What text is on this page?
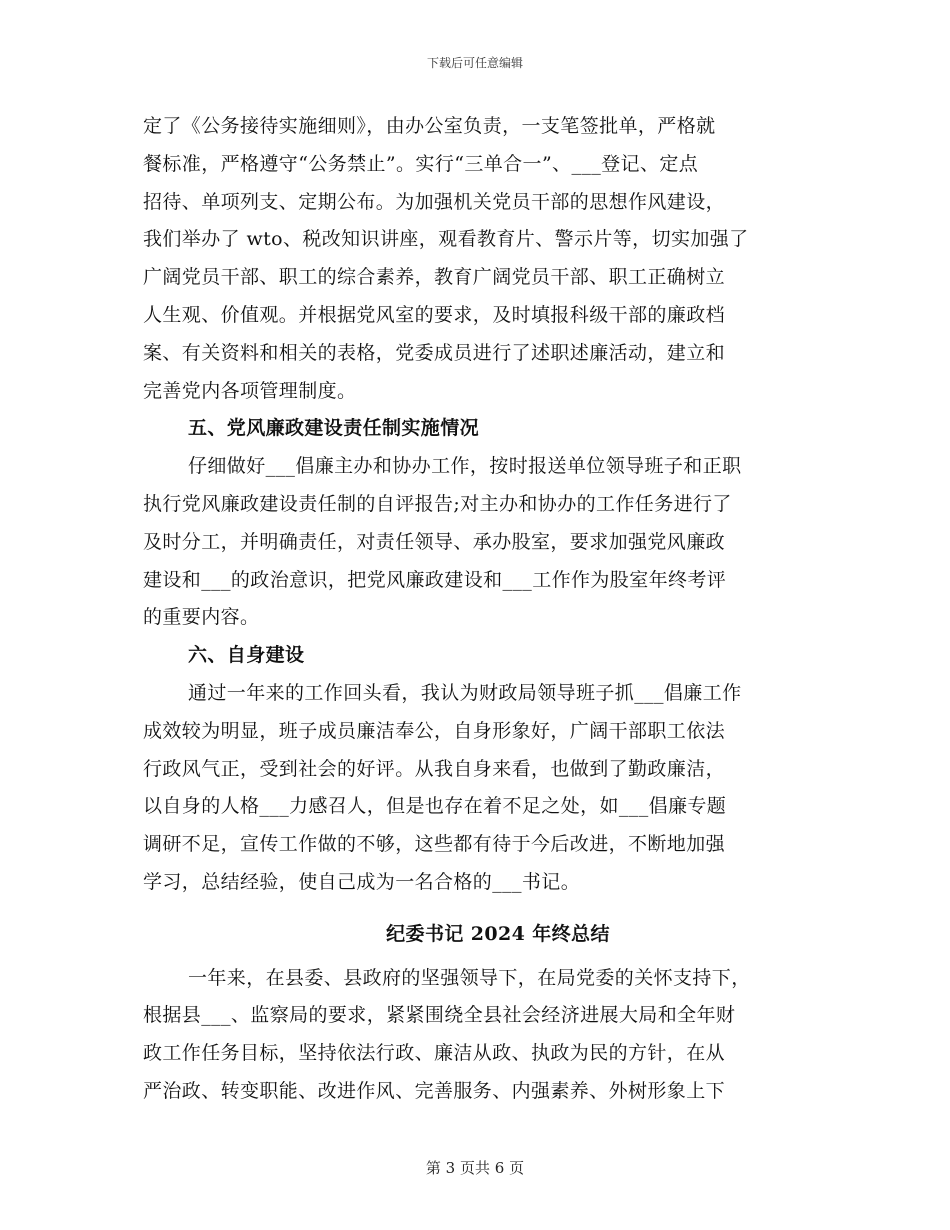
下载后可任意编辑
定了《公务接待实施细则》，由办公室负责，一支笔签批单，严格就
餐标准，严格遵守“公务禁止”。实行“三单合一”、___登记、定点
招待、单项列支、定期公布。为加强机关党员干部的思想作风建设，
我们举办了 wto、税改知识讲座，观看教育片、警示片等，切实加强了
广阔党员干部、职工的综合素养，教育广阔党员干部、职工正确树立
人生观、价值观。并根据党风室的要求，及时填报科级干部的廉政档
案、有关资料和相关的表格，党委成员进行了述职述廉活动，建立和
完善党内各项管理制度。
五、党风廉政建设责任制实施情况
仔细做好___倡廉主办和协办工作，按时报送单位领导班子和正职
执行党风廉政建设责任制的自评报告;对主办和协办的工作任务进行了
及时分工，并明确责任，对责任领导、承办股室，要求加强党风廉政
建设和___的政治意识，把党风廉政建设和___工作作为股室年终考评
的重要内容。
六、自身建设
通过一年来的工作回头看，我认为财政局领导班子抓___倡廉工作
成效较为明显，班子成员廉洁奉公，自身形象好，广阔干部职工依法
行政风气正，受到社会的好评。从我自身来看，也做到了勤政廉洁，
以自身的人格___力感召人，但是也存在着不足之处，如___倡廉专题
调研不足，宣传工作做的不够，这些都有待于今后改进，不断地加强
学习，总结经验，使自己成为一名合格的___书记。
纪委书记 2024 年终总结
一年来，在县委、县政府的坚强领导下，在局党委的关怀支持下，
根据县___、监察局的要求，紧紧围绕全县社会经济进展大局和全年财
政工作任务目标，坚持依法行政、廉洁从政、执政为民的方针，在从
严治政、转变职能、改进作风、完善服务、内强素养、外树形象上下
第 3 页共 6 页
